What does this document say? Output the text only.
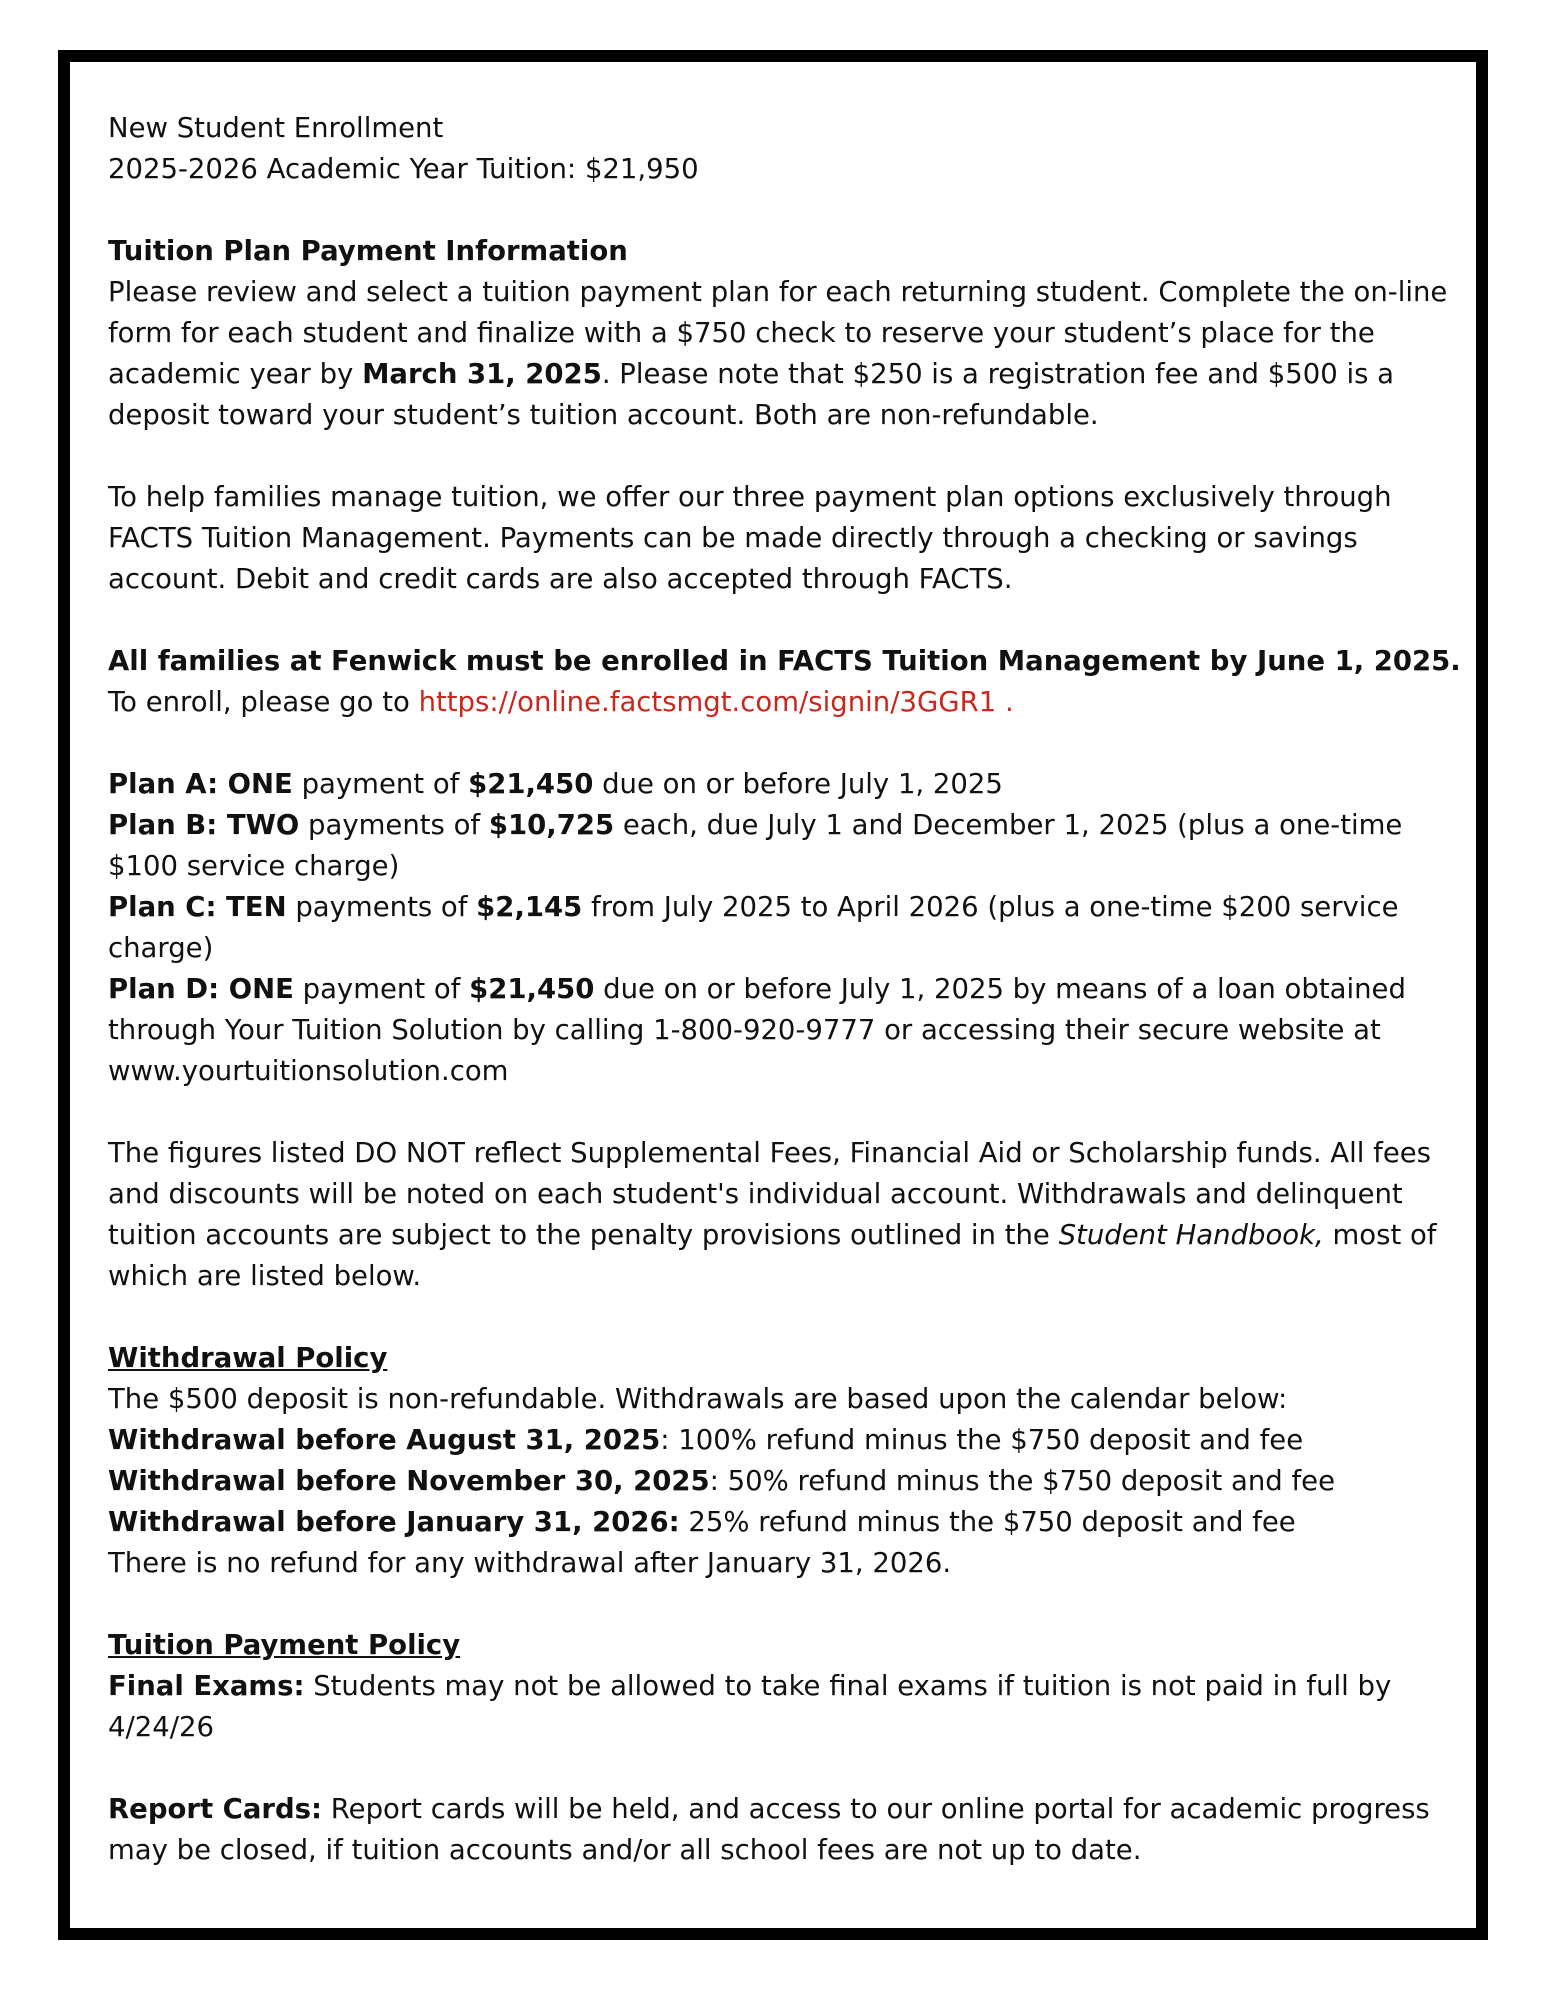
New Student Enrollment

2025-2026 Academic Year Tuition: $21,950

Tuition Plan Payment Information

Please review and select a tuition payment plan for each returning student. Complete the on-line form for each student and finalize with a $750 check to reserve your student’s place for the academic year by March 31, 2025. Please note that $250 is a registration fee and $500 is a deposit toward your student’s tuition account. Both are non-refundable.

To help families manage tuition, we offer our three payment plan options exclusively through FACTS Tuition Management. Payments can be made directly through a checking or savings account. Debit and credit cards are also accepted through FACTS.

All families at Fenwick must be enrolled in FACTS Tuition Management by June 1, 2025.

To enroll, please go to https://online.factsmgt.com/signin/3GGR1 .

Plan A: ONE payment of $21,450 due on or before July 1, 2025

Plan B: TWO payments of $10,725 each, due July 1 and December 1, 2025 (plus a one-time $100 service charge)

Plan C: TEN payments of $2,145 from July 2025 to April 2026 (plus a one-time $200 service charge)

Plan D: ONE payment of $21,450 due on or before July 1, 2025 by means of a loan obtained through Your Tuition Solution by calling 1-800-920-9777 or accessing their secure website at www.yourtuitionsolution.com

The figures listed DO NOT reflect Supplemental Fees, Financial Aid or Scholarship funds. All fees and discounts will be noted on each student's individual account. Withdrawals and delinquent tuition accounts are subject to the penalty provisions outlined in the Student Handbook, most of which are listed below.

Withdrawal Policy

The $500 deposit is non-refundable. Withdrawals are based upon the calendar below:

Withdrawal before August 31, 2025: 100% refund minus the $750 deposit and fee

Withdrawal before November 30, 2025: 50% refund minus the $750 deposit and fee

Withdrawal before January 31, 2026: 25% refund minus the $750 deposit and fee

There is no refund for any withdrawal after January 31, 2026.

Tuition Payment Policy

Final Exams: Students may not be allowed to take final exams if tuition is not paid in full by 4/24/26

Report Cards: Report cards will be held, and access to our online portal for academic progress may be closed, if tuition accounts and/or all school fees are not up to date.
